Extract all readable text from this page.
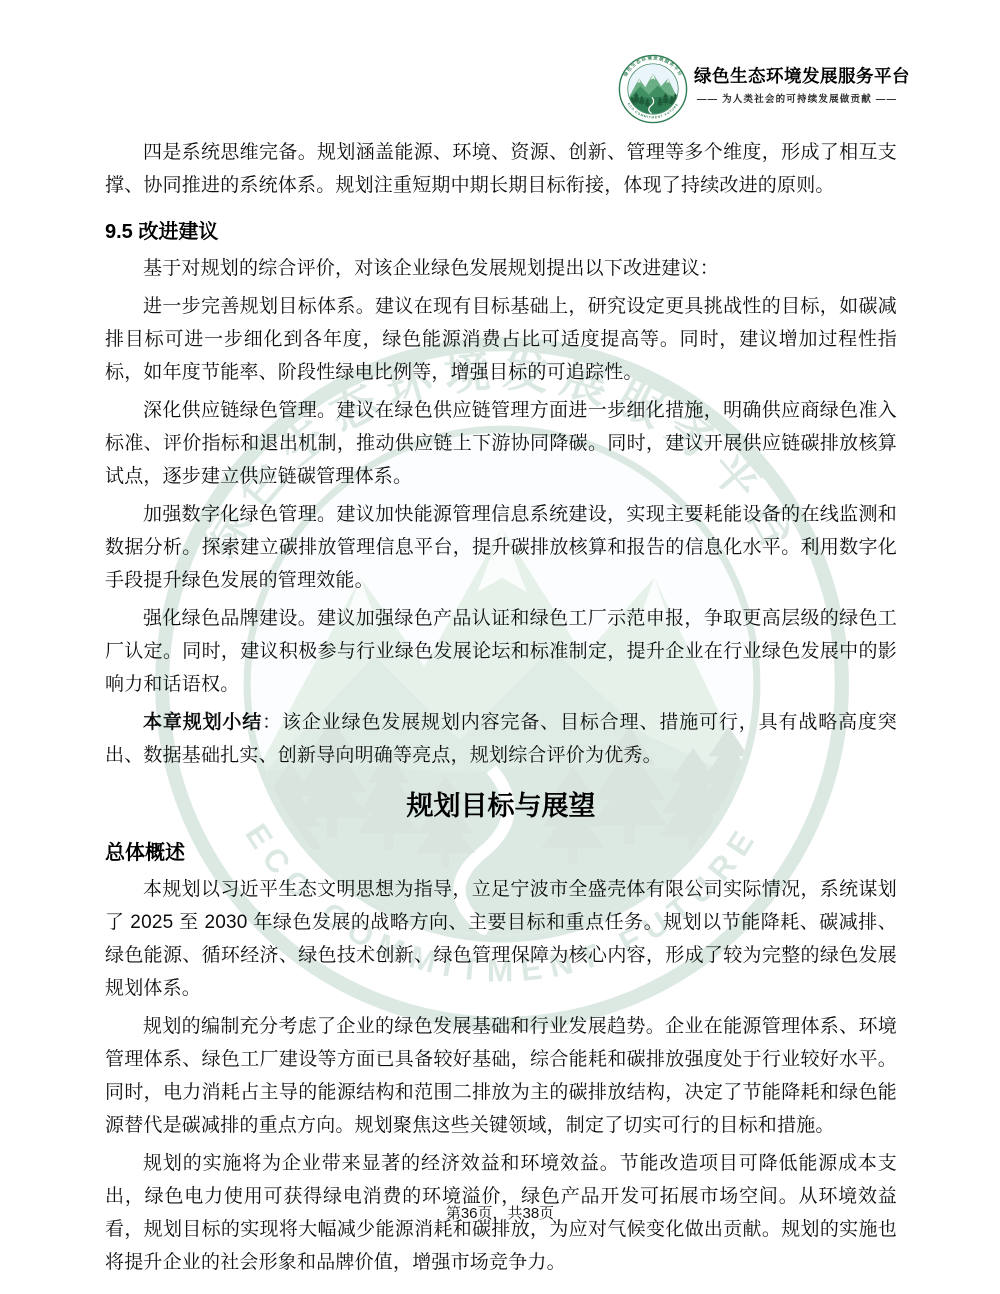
绿色生态环境发展服务平台
—— 为人类社会的可持续发展做贡献 ——

四是系统思维完备。规划涵盖能源、环境、资源、创新、管理等多个维度，形成了相互支撑、协同推进的系统体系。规划注重短期中期长期目标衔接，体现了持续改进的原则。

9.5 改进建议

基于对规划的综合评价，对该企业绿色发展规划提出以下改进建议：

进一步完善规划目标体系。建议在现有目标基础上，研究设定更具挑战性的目标，如碳减排目标可进一步细化到各年度，绿色能源消费占比可适度提高等。同时，建议增加过程性指标，如年度节能率、阶段性绿电比例等，增强目标的可追踪性。

深化供应链绿色管理。建议在绿色供应链管理方面进一步细化措施，明确供应商绿色准入标准、评价指标和退出机制，推动供应链上下游协同降碳。同时，建议开展供应链碳排放核算试点，逐步建立供应链碳管理体系。

加强数字化绿色管理。建议加快能源管理信息系统建设，实现主要耗能设备的在线监测和数据分析。探索建立碳排放管理信息平台，提升碳排放核算和报告的信息化水平。利用数字化手段提升绿色发展的管理效能。

强化绿色品牌建设。建议加强绿色产品认证和绿色工厂示范申报，争取更高层级的绿色工厂认定。同时，建议积极参与行业绿色发展论坛和标准制定，提升企业在行业绿色发展中的影响力和话语权。

本章规划小结：该企业绿色发展规划内容完备、目标合理、措施可行，具有战略高度突出、数据基础扎实、创新导向明确等亮点，规划综合评价为优秀。

规划目标与展望
总体概述

本规划以习近平生态文明思想为指导，立足宁波市全盛壳体有限公司实际情况，系统谋划了 2025 至 2030 年绿色发展的战略方向、主要目标和重点任务。规划以节能降耗、碳减排、绿色能源、循环经济、绿色技术创新、绿色管理保障为核心内容，形成了较为完整的绿色发展规划体系。

规划的编制充分考虑了企业的绿色发展基础和行业发展趋势。企业在能源管理体系、环境管理体系、绿色工厂建设等方面已具备较好基础，综合能耗和碳排放强度处于行业较好水平。同时，电力消耗占主导的能源结构和范围二排放为主的碳排放结构，决定了节能降耗和绿色能源替代是碳减排的重点方向。规划聚焦这些关键领域，制定了切实可行的目标和措施。

规划的实施将为企业带来显著的经济效益和环境效益。节能改造项目可降低能源成本支出，绿色电力使用可获得绿电消费的环境溢价，绿色产品开发可拓展市场空间。从环境效益看，规划目标的实现将大幅减少能源消耗和碳排放，为应对气候变化做出贡献。规划的实施也将提升企业的社会形象和品牌价值，增强市场竞争力。

第36页，共38页
